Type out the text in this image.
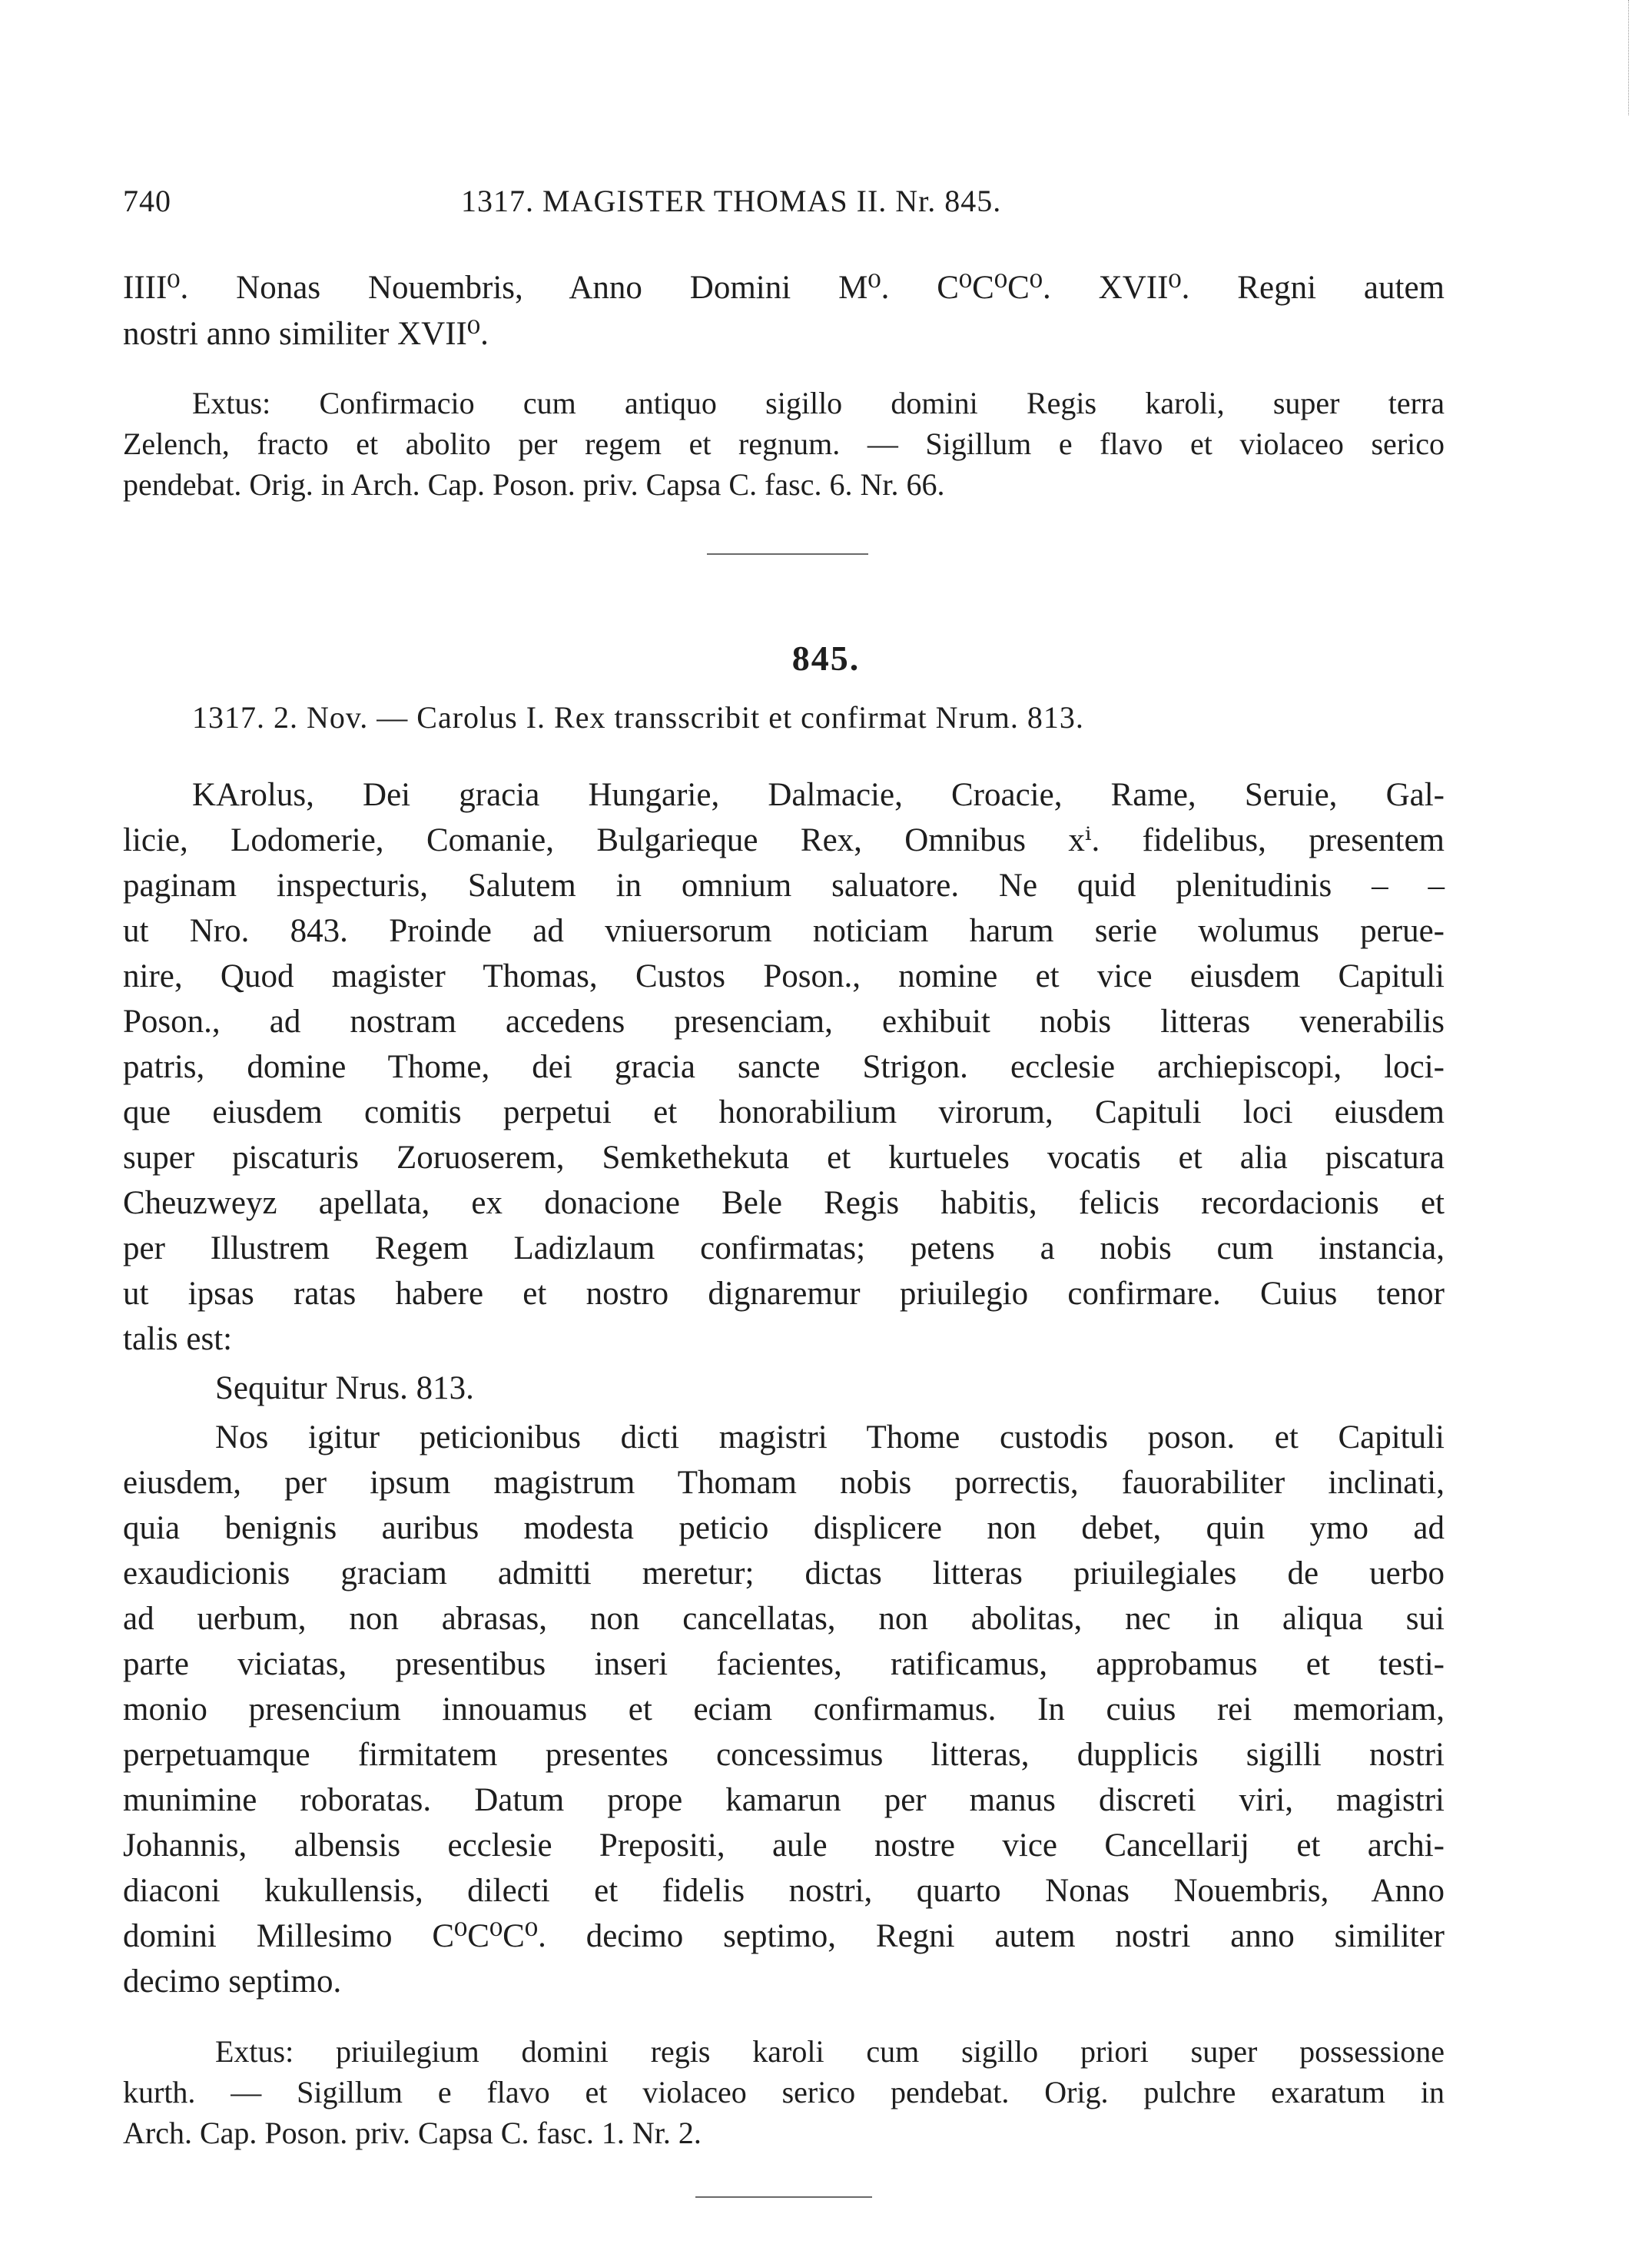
740	1317. MAGISTER THOMAS II. Nr. 845.
IIII⁰. Nonas Nouembris, Anno Domini M⁰. C⁰C⁰C⁰. XVII⁰. Regni autem
nostri anno similiter XVII⁰.
Extus: Confirmacio cum antiquo sigillo domini Regis karoli, super terra
Zelench, fracto et abolito per regem et regnum. — Sigillum e flavo et violaceo serico
pendebat. Orig. in Arch. Cap. Poson. priv. Capsa C. fasc. 6. Nr. 66.
845.
1317. 2. Nov. — Carolus I. Rex transscribit et confirmat Nrum. 813.
KArolus, Dei gracia Hungarie, Dalmacie, Croacie, Rame, Seruie, Gal-
licie, Lodomerie, Comanie, Bulgarieque Rex, Omnibus xⁱ. fidelibus, presentem
paginam inspecturis, Salutem in omnium saluatore. Ne quid plenitudinis – –
ut Nro. 843. Proinde ad vniuersorum noticiam harum serie wolumus perue-
nire, Quod magister Thomas, Custos Poson., nomine et vice eiusdem Capituli
Poson., ad nostram accedens presenciam, exhibuit nobis litteras venerabilis
patris, domine Thome, dei gracia sancte Strigon. ecclesie archiepiscopi, loci-
que eiusdem comitis perpetui et honorabilium virorum, Capituli loci eiusdem
super piscaturis Zoruoserem, Semkethekuta et kurtueles vocatis et alia piscatura
Cheuzweyz apellata, ex donacione Bele Regis habitis, felicis recordacionis et
per Illustrem Regem Ladizlaum confirmatas; petens a nobis cum instancia,
ut ipsas ratas habere et nostro dignaremur priuilegio confirmare. Cuius tenor
talis est:
Sequitur Nrus. 813.
Nos igitur peticionibus dicti magistri Thome custodis poson. et Capituli
eiusdem, per ipsum magistrum Thomam nobis porrectis, fauorabiliter inclinati,
quia benignis auribus modesta peticio displicere non debet, quin ymo ad
exaudicionis graciam admitti meretur; dictas litteras priuilegiales de uerbo
ad uerbum, non abrasas, non cancellatas, non abolitas, nec in aliqua sui
parte viciatas, presentibus inseri facientes, ratificamus, approbamus et testi-
monio presencium innouamus et eciam confirmamus. In cuius rei memoriam,
perpetuamque firmitatem presentes concessimus litteras, dupplicis sigilli nostri
munimine roboratas. Datum prope kamarun per manus discreti viri, magistri
Johannis, albensis ecclesie Prepositi, aule nostre vice Cancellarij et archi-
diaconi kukullensis, dilecti et fidelis nostri, quarto Nonas Nouembris, Anno
domini Millesimo C⁰C⁰C⁰. decimo septimo, Regni autem nostri anno similiter
decimo septimo.
Extus: priuilegium domini regis karoli cum sigillo priori super possessione
kurth. — Sigillum e flavo et violaceo serico pendebat. Orig. pulchre exaratum in
Arch. Cap. Poson. priv. Capsa C. fasc. 1. Nr. 2.
